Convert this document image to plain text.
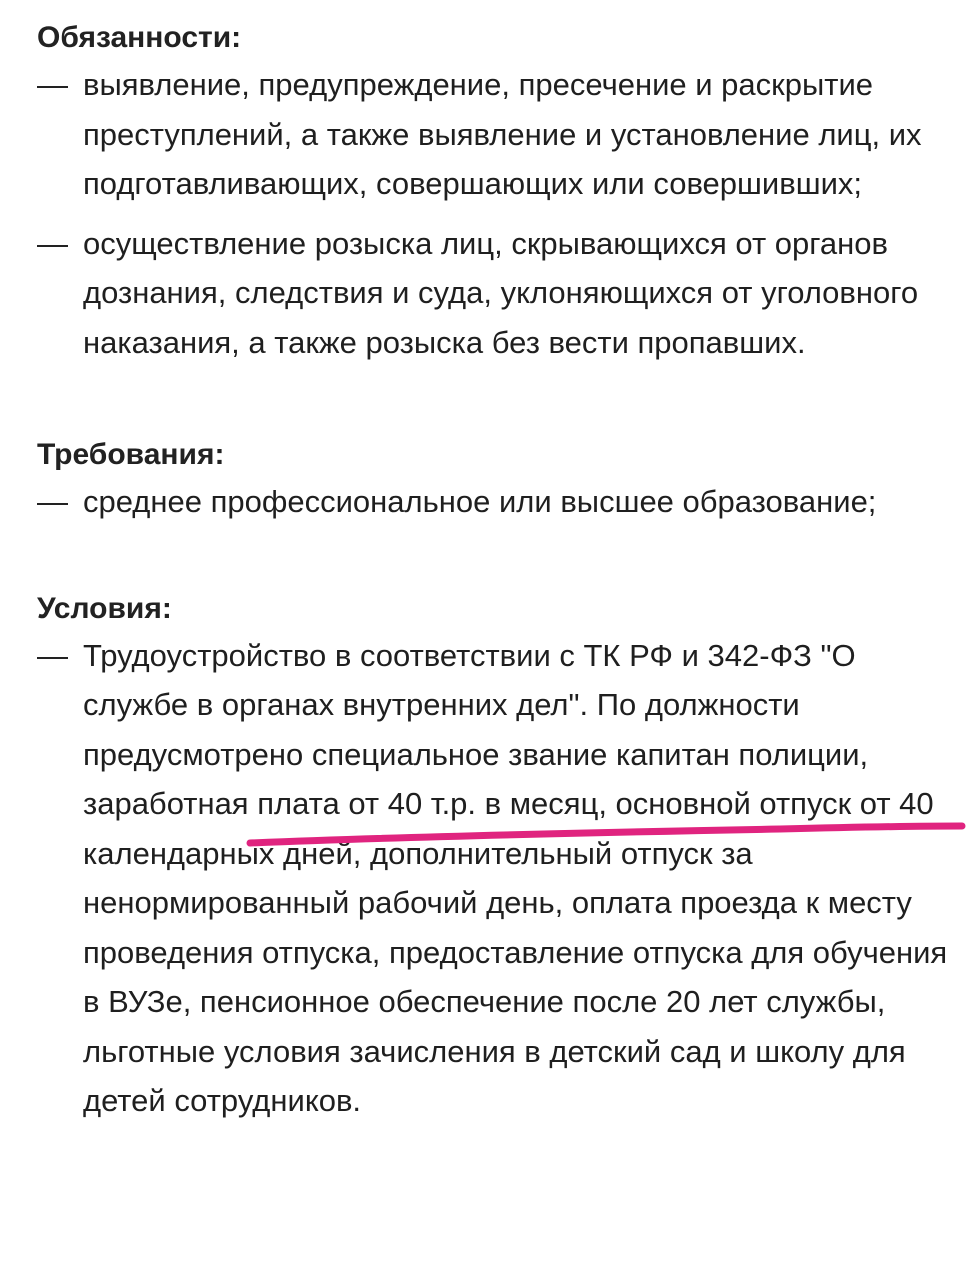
Обязанности:
— выявление, предупреждение, пресечение и раскрытие преступлений, а также выявление и установление лиц, их подготавливающих, совершающих или совершивших;
— осуществление розыска лиц, скрывающихся от органов дознания, следствия и суда, уклоняющихся от уголовного наказания, а также розыска без вести пропавших.
Требования:
— среднее профессиональное или высшее образование;
Условия:
— Трудоустройство в соответствии с ТК РФ и 342-ФЗ "О службе в органах внутренних дел". По должности предусмотрено специальное звание капитан полиции, заработная плата от 40 т.р. в месяц, основной отпуск от 40 календарных дней, дополнительный отпуск за ненормированный рабочий день, оплата проезда к месту проведения отпуска, предоставление отпуска для обучения в ВУЗе, пенсионное обеспечение после 20 лет службы, льготные условия зачисления в детский сад и школу для детей сотрудников.
